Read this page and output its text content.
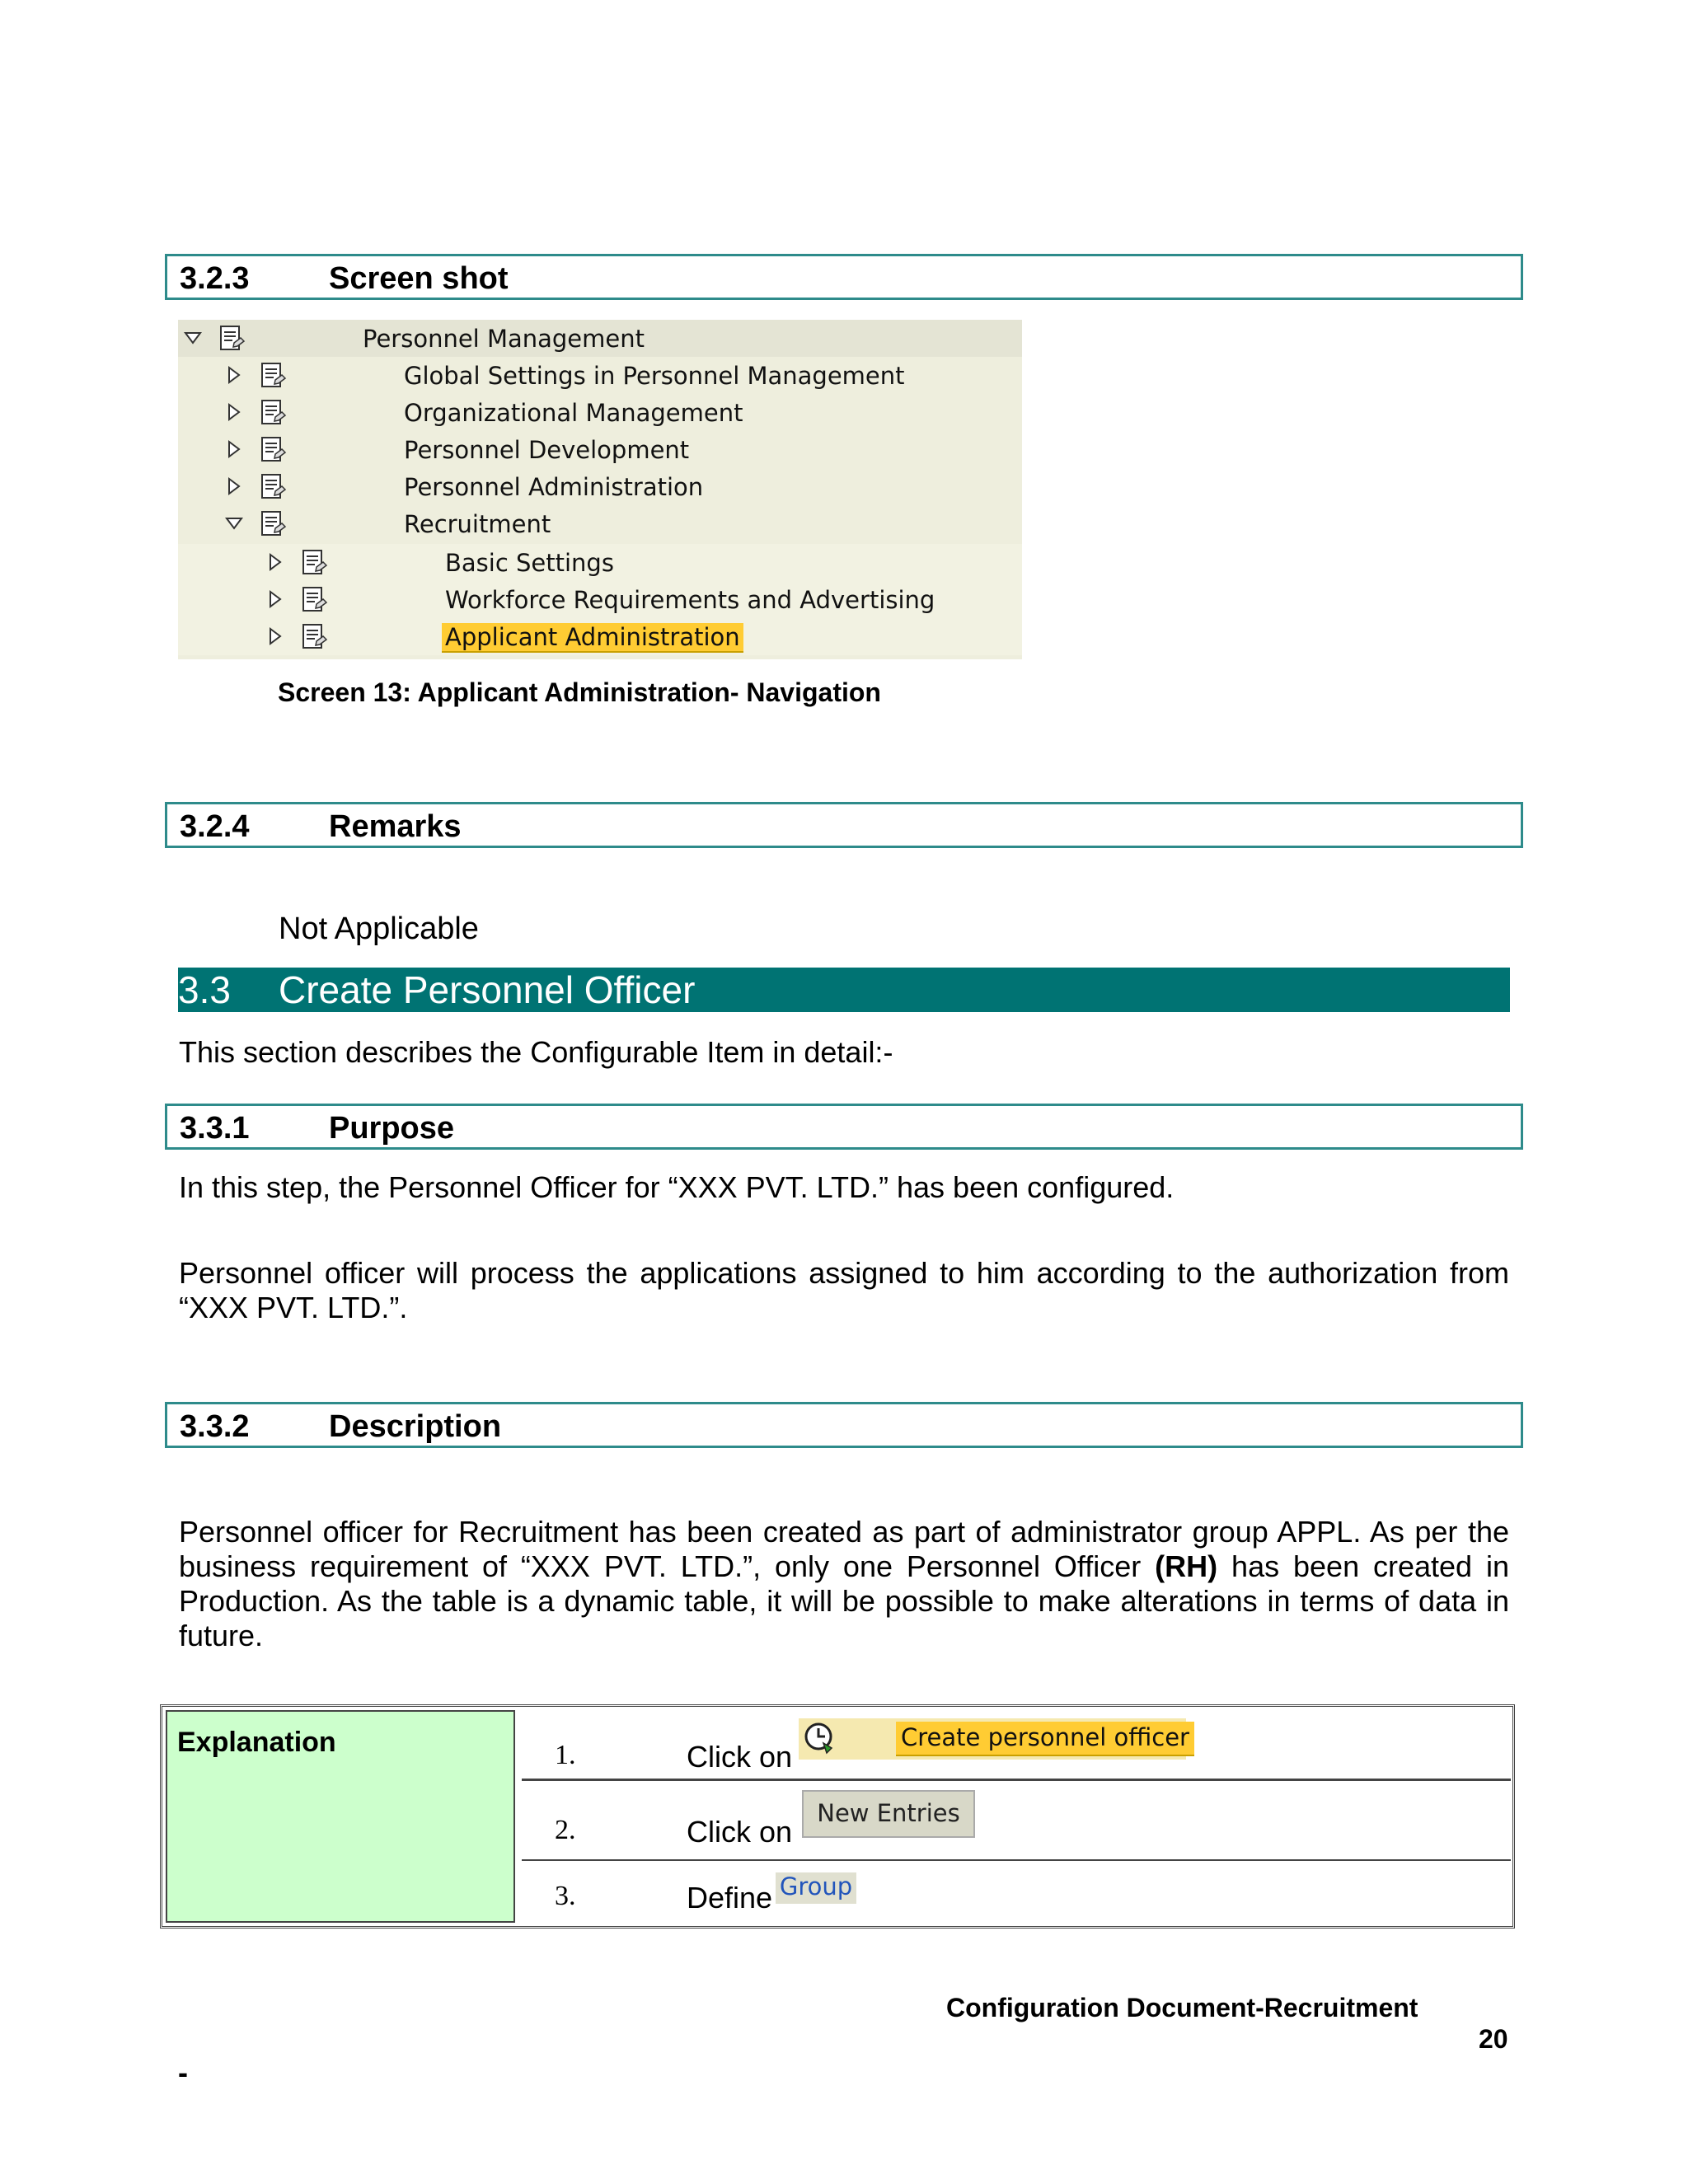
3.2.3	Screen shot
Personnel Management
Global Settings in Personnel Management
Organizational Management
Personnel Development
Personnel Administration
Recruitment
Basic Settings
Workforce Requirements and Advertising
Applicant Administration
Screen 13: Applicant Administration- Navigation
3.2.4	Remarks
Not Applicable
3.3 Create Personnel Officer
This section describes the Configurable Item in detail:-
3.3.1	Purpose
In this step, the Personnel Officer for “XXX PVT. LTD.” has been configured.
Personnel officer will process the applications assigned to him according to the authorization from “XXX PVT. LTD.”.
3.3.2	Description
Personnel officer for Recruitment has been created as part of administrator group APPL. As per the business requirement of “XXX PVT. LTD.”, only one Personnel Officer (RH) has been created in Production. As the table is a dynamic table, it will be possible to make alterations in terms of data in future.
Explanation	1.	Click on
Create personnel officer
2.	Click on
New Entries
3.	Define Group
Configuration Document-Recruitment
20
-
